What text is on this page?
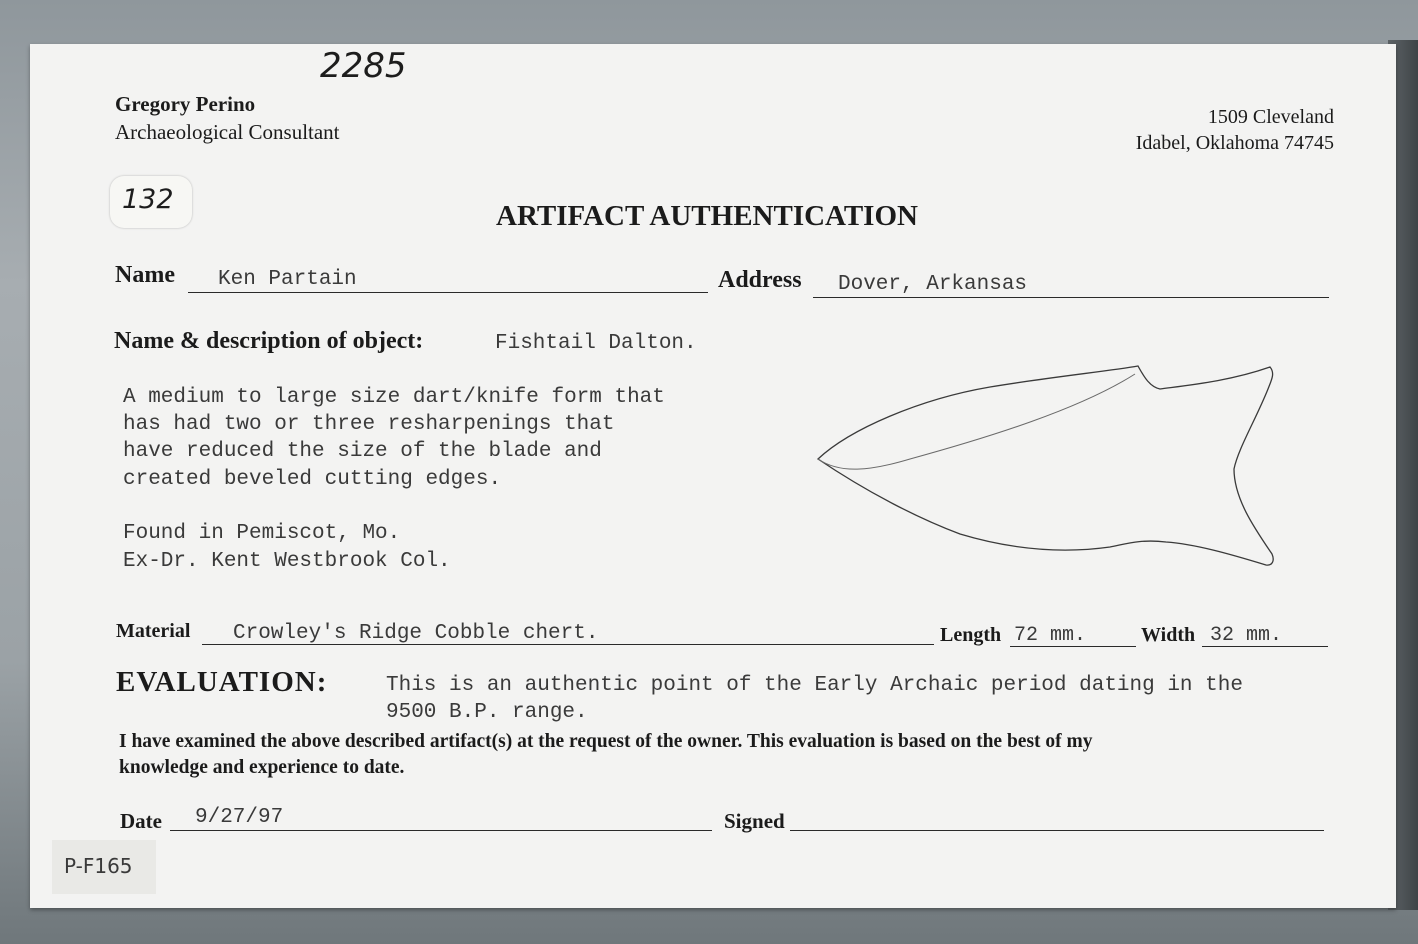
2285
Gregory Perino
Archaeological Consultant
1509 Cleveland
Idabel, Oklahoma 74745
132
ARTIFACT AUTHENTICATION
Name Ken Partain	Address Dover, Arkansas
Name & description of object:	Fishtail Dalton.
A medium to large size dart/knife form that
has had two or three resharpenings that
have reduced the size of the blade and
created beveled cutting edges.
Found in Pemiscot, Mo.
Ex-Dr. Kent Westbrook Col.
Material Crowley's Ridge Cobble chert.	Length 72 mm.	Width 32 mm.
EVALUATION:	This is an authentic point of the Early Archaic period dating in the
9500 B.P. range.
I have examined the above described artifact(s) at the request of the owner. This evaluation is based on the best of my
knowledge and experience to date.
Date 9/27/97	Signed
P-F165
